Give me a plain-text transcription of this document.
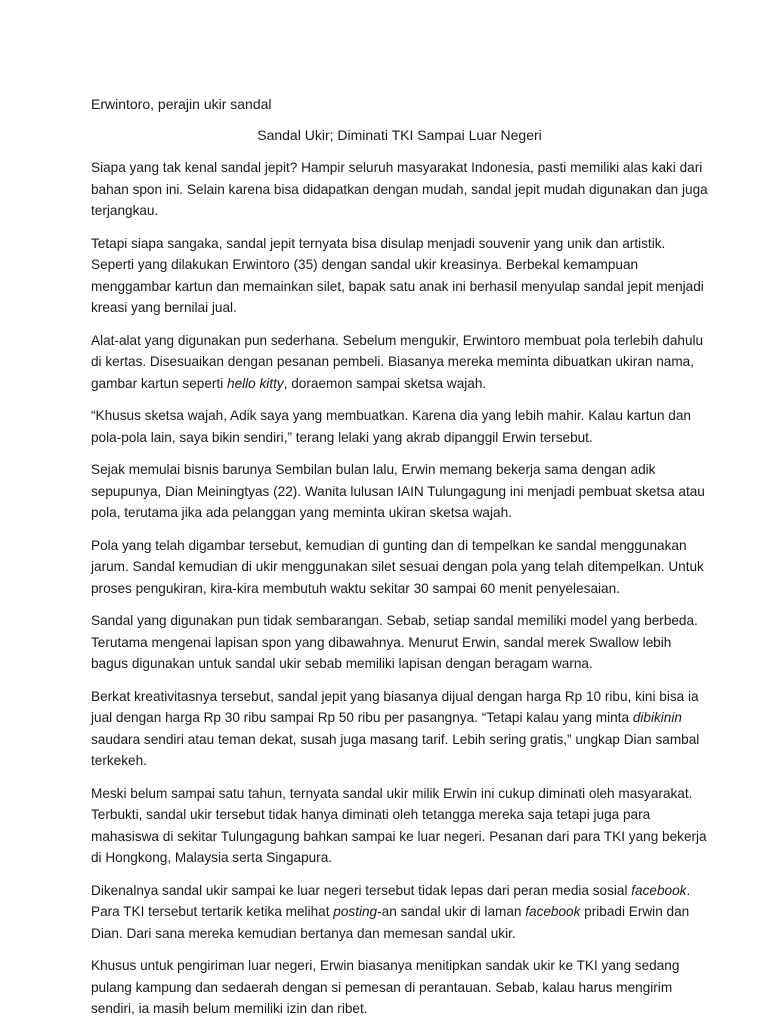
Erwintoro, perajin ukir sandal
Sandal Ukir; Diminati TKI Sampai Luar Negeri

Siapa yang tak kenal sandal jepit? Hampir seluruh masyarakat Indonesia, pasti memiliki alas kaki dari bahan spon ini. Selain karena bisa didapatkan dengan mudah, sandal jepit mudah digunakan dan juga terjangkau.

Tetapi siapa sangaka, sandal jepit ternyata bisa disulap menjadi souvenir yang unik dan artistik. Seperti yang dilakukan Erwintoro (35) dengan sandal ukir kreasinya. Berbekal kemampuan menggambar kartun dan memainkan silet, bapak satu anak ini berhasil menyulap sandal jepit menjadi kreasi yang bernilai jual.

Alat-alat yang digunakan pun sederhana. Sebelum mengukir, Erwintoro membuat pola terlebih dahulu di kertas. Disesuaikan dengan pesanan pembeli. Biasanya mereka meminta dibuatkan ukiran nama, gambar kartun seperti hello kitty, doraemon sampai sketsa wajah.

“Khusus sketsa wajah, Adik saya yang membuatkan. Karena dia yang lebih mahir. Kalau kartun dan pola-pola lain, saya bikin sendiri,” terang lelaki yang akrab dipanggil Erwin tersebut.

Sejak memulai bisnis barunya Sembilan bulan lalu, Erwin memang bekerja sama dengan adik sepupunya, Dian Meiningtyas (22). Wanita lulusan IAIN Tulungagung ini menjadi pembuat sketsa atau pola, terutama jika ada pelanggan yang meminta ukiran sketsa wajah.

Pola yang telah digambar tersebut, kemudian di gunting dan di tempelkan ke sandal menggunakan jarum. Sandal kemudian di ukir menggunakan silet sesuai dengan pola yang telah ditempelkan. Untuk proses pengukiran, kira-kira membutuh waktu sekitar 30 sampai 60 menit penyelesaian.

Sandal yang digunakan pun tidak sembarangan. Sebab, setiap sandal memiliki model yang berbeda. Terutama mengenai lapisan spon yang dibawahnya. Menurut Erwin, sandal merek Swallow lebih bagus digunakan untuk sandal ukir sebab memiliki lapisan dengan beragam warna.

Berkat kreativitasnya tersebut, sandal jepit yang biasanya dijual dengan harga Rp 10 ribu, kini bisa ia jual dengan harga Rp 30 ribu sampai Rp 50 ribu per pasangnya. “Tetapi kalau yang minta dibikinin saudara sendiri atau teman dekat, susah juga masang tarif. Lebih sering gratis,” ungkap Dian sambal terkekeh.

Meski belum sampai satu tahun, ternyata sandal ukir milik Erwin ini cukup diminati oleh masyarakat. Terbukti, sandal ukir tersebut tidak hanya diminati oleh tetangga mereka saja tetapi juga para mahasiswa di sekitar Tulungagung bahkan sampai ke luar negeri. Pesanan dari para TKI yang bekerja di Hongkong, Malaysia serta Singapura.

Dikenalnya sandal ukir sampai ke luar negeri tersebut tidak lepas dari peran media sosial facebook. Para TKI tersebut tertarik ketika melihat posting-an sandal ukir di laman facebook pribadi Erwin dan Dian. Dari sana mereka kemudian bertanya dan memesan sandal ukir.

Khusus untuk pengiriman luar negeri, Erwin biasanya menitipkan sandak ukir ke TKI yang sedang pulang kampung dan sedaerah dengan si pemesan di perantauan. Sebab, kalau harus mengirim sendiri, ia masih belum memiliki izin dan ribet.
